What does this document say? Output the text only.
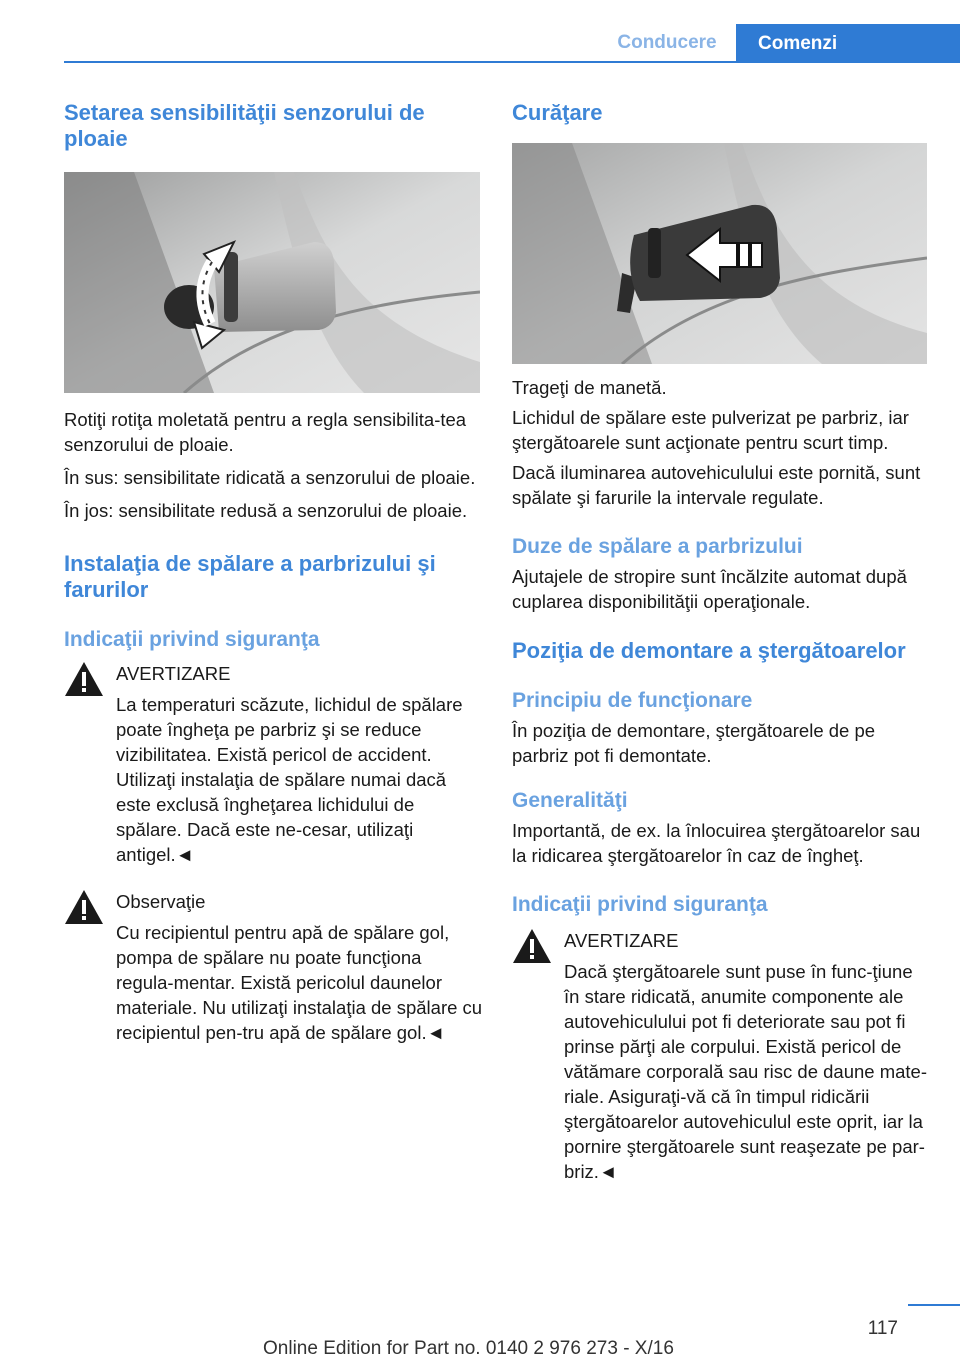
Conducere	Comenzi
Setarea sensibilităţii senzorului de ploaie

Rotiţi rotiţa moletată pentru a regla sensibilita-tea senzorului de ploaie.

În sus: sensibilitate ridicată a senzorului de ploaie.

În jos: sensibilitate redusă a senzorului de ploaie.

Instalaţia de spălare a parbrizului şi farurilor
Indicaţii privind siguranţa

AVERTIZARE

La temperaturi scăzute, lichidul de spălare poate îngheţa pe parbriz şi se reduce vizibilitatea. Există pericol de accident. Utilizaţi instalaţia de spălare numai dacă este exclusă îngheţarea lichidului de spălare. Dacă este ne-cesar, utilizaţi antigel.◄

Observaţie

Cu recipientul pentru apă de spălare gol, pompa de spălare nu poate funcţiona regula-mentar. Există pericolul daunelor materiale. Nu utilizaţi instalaţia de spălare cu recipientul pen-tru apă de spălare gol.◄

Curăţare

Trageţi de manetă.

Lichidul de spălare este pulverizat pe parbriz, iar ştergătoarele sunt acţionate pentru scurt timp.

Dacă iluminarea autovehiculului este pornită, sunt spălate şi farurile la intervale regulate.

Duze de spălare a parbrizului

Ajutajele de stropire sunt încălzite automat după cuplarea disponibilităţii operaţionale.

Poziţia de demontare a ştergătoarelor
Principiu de funcţionare

În poziţia de demontare, ştergătoarele de pe parbriz pot fi demontate.

Generalităţi

Importantă, de ex. la înlocuirea ştergătoarelor sau la ridicarea ştergătoarelor în caz de îngheţ.

Indicaţii privind siguranţa

AVERTIZARE

Dacă ştergătoarele sunt puse în func-ţiune în stare ridicată, anumite componente ale autovehiculului pot fi deteriorate sau pot fi prinse părţi ale corpului. Există pericol de vătămare corporală sau risc de daune mate-riale. Asiguraţi-vă că în timpul ridicării ştergătoarelor autovehiculul este oprit, iar la pornire ştergătoarele sunt reaşezate pe par-briz.◄

117
Online Edition for Part no. 0140 2 976 273 - X/16
